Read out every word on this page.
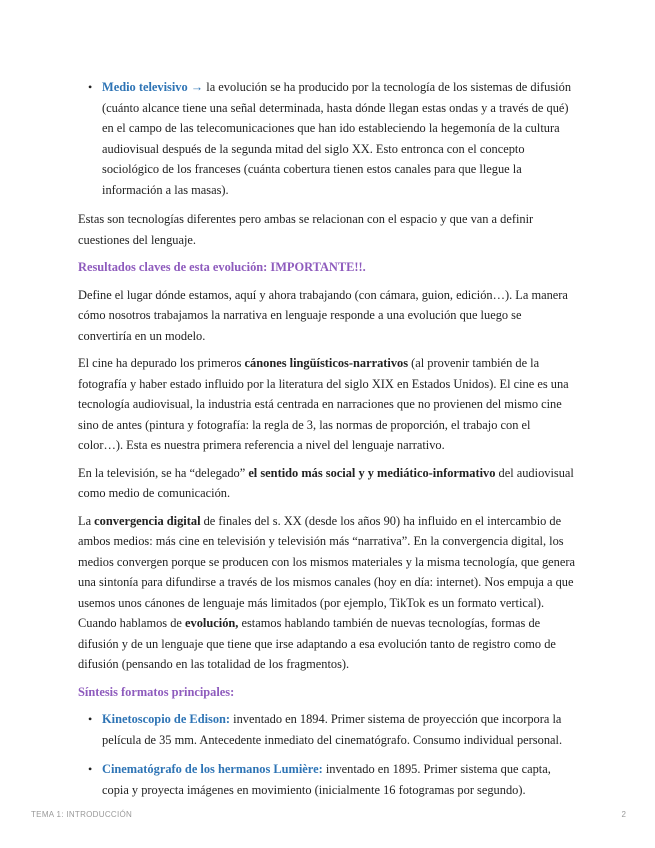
• Medio televisivo → la evolución se ha producido por la tecnología de los sistemas de difusión (cuánto alcance tiene una señal determinada, hasta dónde llegan estas ondas y a través de qué) en el campo de las telecomunicaciones que han ido estableciendo la hegemonía de la cultura audiovisual después de la segunda mitad del siglo XX. Esto entronca con el concepto sociológico de los franceses (cuánta cobertura tienen estos canales para que llegue la información a las masas).

Estas son tecnologías diferentes pero ambas se relacionan con el espacio y que van a definir cuestiones del lenguaje.

Resultados claves de esta evolución: IMPORTANTE!!.

Define el lugar dónde estamos, aquí y ahora trabajando (con cámara, guion, edición…). La manera cómo nosotros trabajamos la narrativa en lenguaje responde a una evolución que luego se convertiría en un modelo.

El cine ha depurado los primeros cánones lingüísticos-narrativos (al provenir también de la fotografía y haber estado influido por la literatura del siglo XIX en Estados Unidos). El cine es una tecnología audiovisual, la industria está centrada en narraciones que no provienen del mismo cine sino de antes (pintura y fotografía: la regla de 3, las normas de proporción, el trabajo con el color…). Esta es nuestra primera referencia a nivel del lenguaje narrativo.

En la televisión, se ha “delegado” el sentido más social y y mediático-informativo del audiovisual como medio de comunicación.

La convergencia digital de finales del s. XX (desde los años 90) ha influido en el intercambio de ambos medios: más cine en televisión y televisión más “narrativa”. En la convergencia digital, los medios convergen porque se producen con los mismos materiales y la misma tecnología, que genera una sintonía para difundirse a través de los mismos canales (hoy en día: internet). Nos empuja a que usemos unos cánones de lenguaje más limitados (por ejemplo, TikTok es un formato vertical). Cuando hablamos de evolución, estamos hablando también de nuevas tecnologías, formas de difusión y de un lenguaje que tiene que irse adaptando a esa evolución tanto de registro como de difusión (pensando en las totalidad de los fragmentos).

Síntesis formatos principales:

• Kinetoscopio de Edison: inventado en 1894. Primer sistema de proyección que incorpora la película de 35 mm. Antecedente inmediato del cinematógrafo. Consumo individual personal.
• Cinematógrafo de los hermanos Lumière: inventado en 1895. Primer sistema que capta, copia y proyecta imágenes en movimiento (inicialmente 16 fotogramas por segundo).
TEMA 1: INTRODUCCIÓN	2
